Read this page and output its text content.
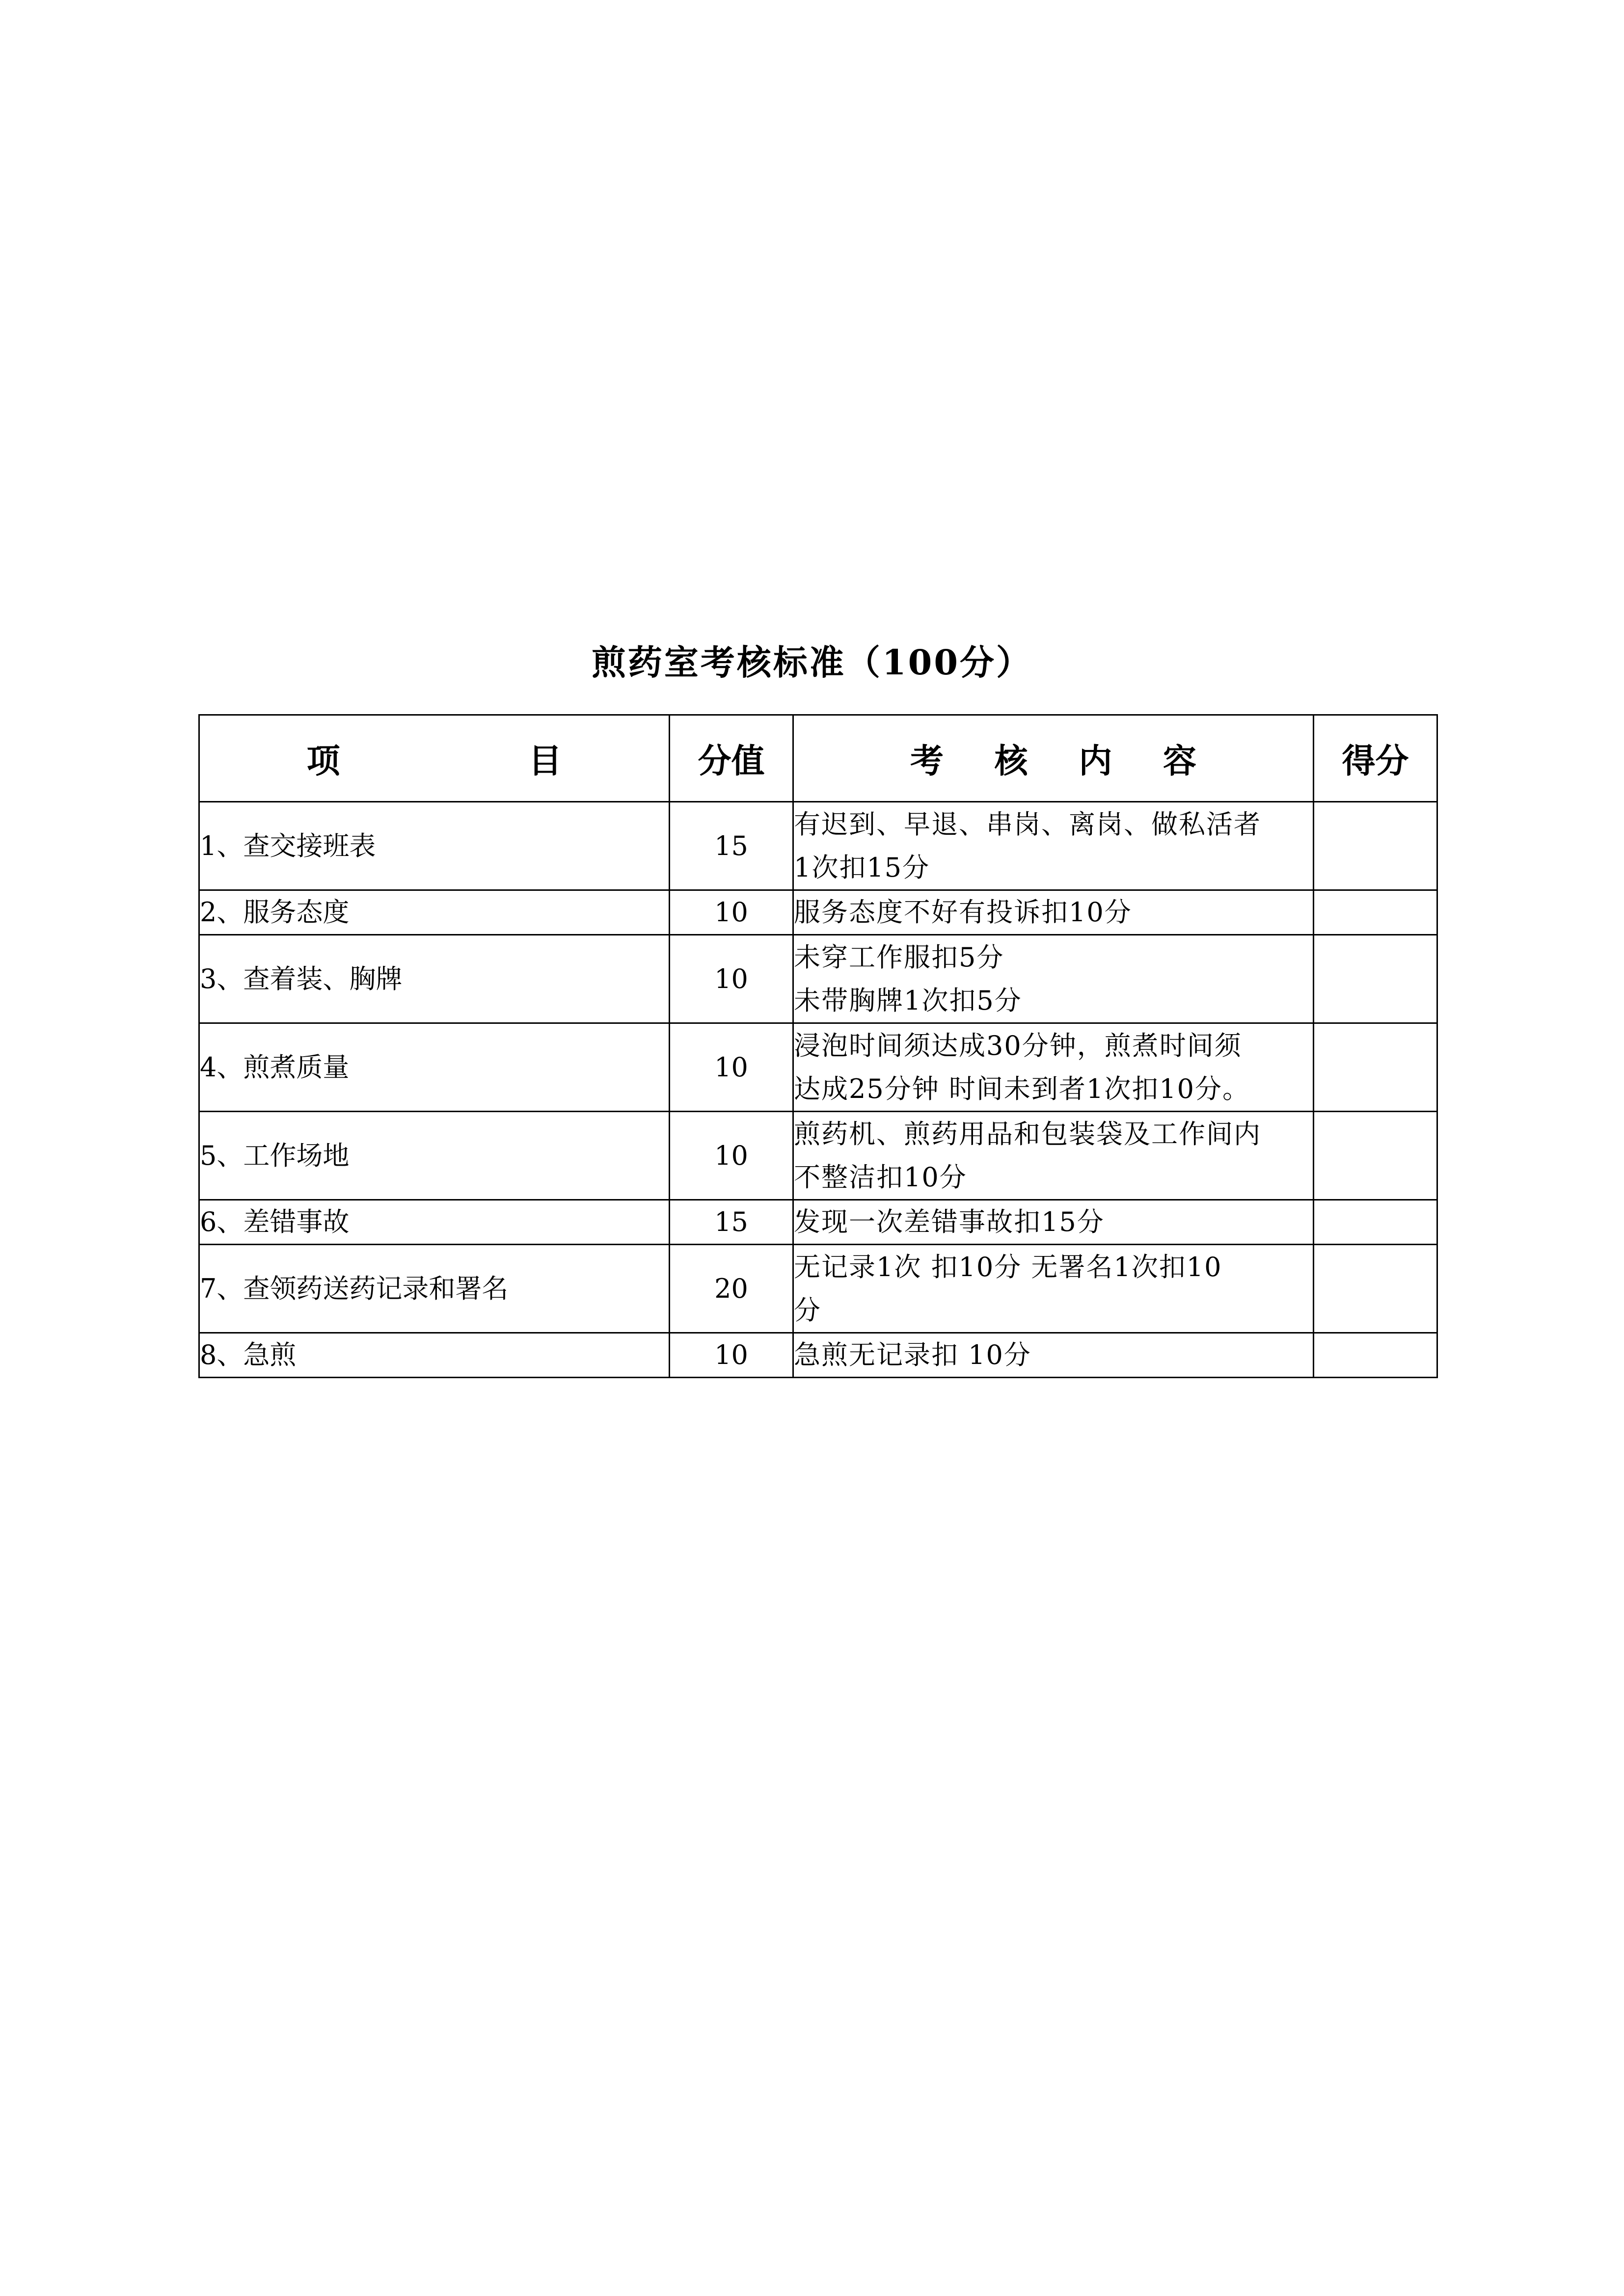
煎药室考核标准（100分）
项 目	分值	考 核 内 容	得分
1、查交接班表	15	有迟到、早退、串岗、离岗、做私活者
1次扣15分	

2、服务态度	10	服务态度不好有投诉扣10分	

3、查着装、胸牌	10	未穿工作服扣5分
未带胸牌1次扣5分	

4、煎煮质量	10	浸泡时间须达成30分钟，煎煮时间须
达成25分钟 时间未到者1次扣10分。	

5、工作场地	10	煎药机、煎药用品和包装袋及工作间内
不整洁扣10分	

6、差错事故	15	发现一次差错事故扣15分	

7、查领药送药记录和署名	20	无记录1次 扣10分 无署名1次扣10
分	

8、急煎	10	急煎无记录扣 10分	
